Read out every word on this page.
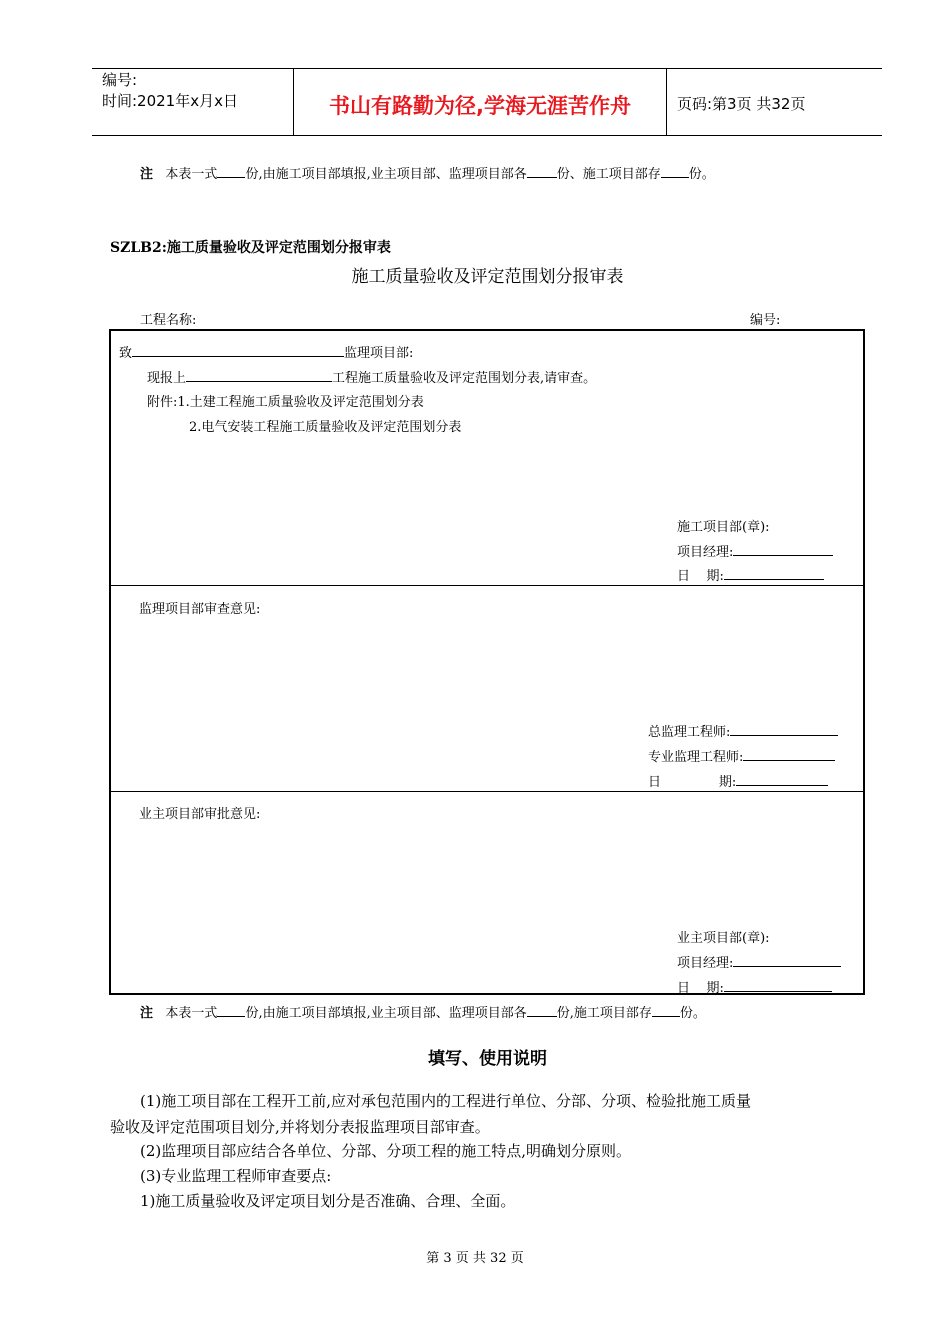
编号:
时间:2021年x月x日	书山有路勤为径,学海无涯苦作舟	页码:第3页 共32页
注 本表一式 份,由施工项目部填报,业主项目部、监理项目部各 份、施工项目部存 份。
SZLB2:施工质量验收及评定范围划分报审表
施工质量验收及评定范围划分报审表
工程名称:	编号:
致	监理项目部:
现报上	工程施工质量验收及评定范围划分表,请审查。
附件:1.土建工程施工质量验收及评定范围划分表
2.电气安装工程施工质量验收及评定范围划分表
施工项目部(章):
项目经理:
日    期:
监理项目部审查意见:
总监理工程师:
专业监理工程师:
日              期:
业主项目部审批意见:
业主项目部(章):
项目经理:
日    期:
注 本表一式 份,由施工项目部填报,业主项目部、监理项目部各 份,施工项目部存 份。
填写、使用说明
(1)施工项目部在工程开工前,应对承包范围内的工程进行单位、分部、分项、检验批施工质量
验收及评定范围项目划分,并将划分表报监理项目部审查。
(2)监理项目部应结合各单位、分部、分项工程的施工特点,明确划分原则。
(3)专业监理工程师审查要点:
1)施工质量验收及评定项目划分是否准确、合理、全面。
第 3 页 共 32 页
